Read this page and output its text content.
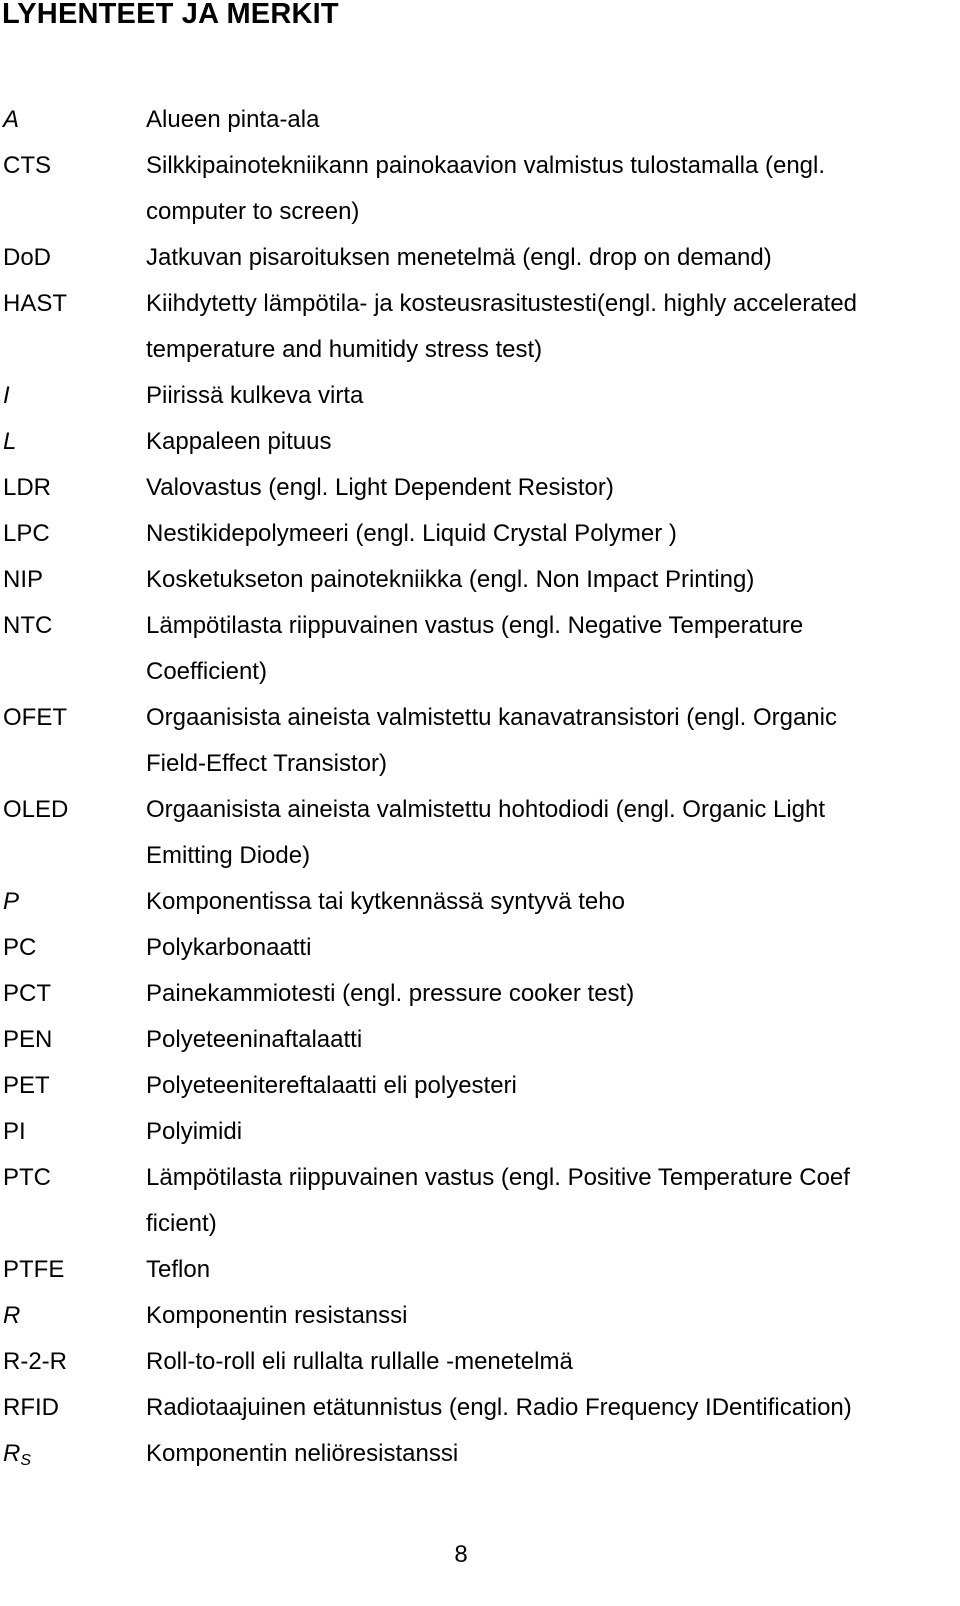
LYHENTEET JA MERKIT
A	Alueen pinta-ala
CTS	Silkkipainotekniikann painokaavion valmistus tulostamalla (engl.
computer to screen)
DoD	Jatkuvan pisaroituksen menetelmä (engl. drop on demand)
HAST	Kiihdytetty lämpötila- ja kosteusrasitustesti(engl. highly accelerated
temperature and humitidy stress test)
I	Piirissä kulkeva virta
L	Kappaleen pituus
LDR	Valovastus (engl. Light Dependent Resistor)
LPC	Nestikidepolymeeri (engl. Liquid Crystal Polymer )
NIP	Kosketukseton painotekniikka (engl. Non Impact Printing)
NTC	Lämpötilasta riippuvainen vastus (engl. Negative Temperature
Coefficient)
OFET	Orgaanisista aineista valmistettu kanavatransistori (engl. Organic
Field-Effect Transistor)
OLED	Orgaanisista aineista valmistettu hohtodiodi (engl. Organic Light
Emitting Diode)
P	Komponentissa tai kytkennässä syntyvä teho
PC	Polykarbonaatti
PCT	Painekammiotesti (engl. pressure cooker test)
PEN	Polyeteeninaftalaatti
PET	Polyeteenitereftalaatti eli polyesteri
PI	Polyimidi
PTC	Lämpötilasta riippuvainen vastus (engl. Positive Temperature Coef
ficient)
PTFE	Teflon
R	Komponentin resistanssi
R-2-R	Roll-to-roll eli rullalta rullalle -menetelmä
RFID	Radiotaajuinen etätunnistus (engl. Radio Frequency IDentification)
$R_S$	Komponentin neliöresistanssi
8
